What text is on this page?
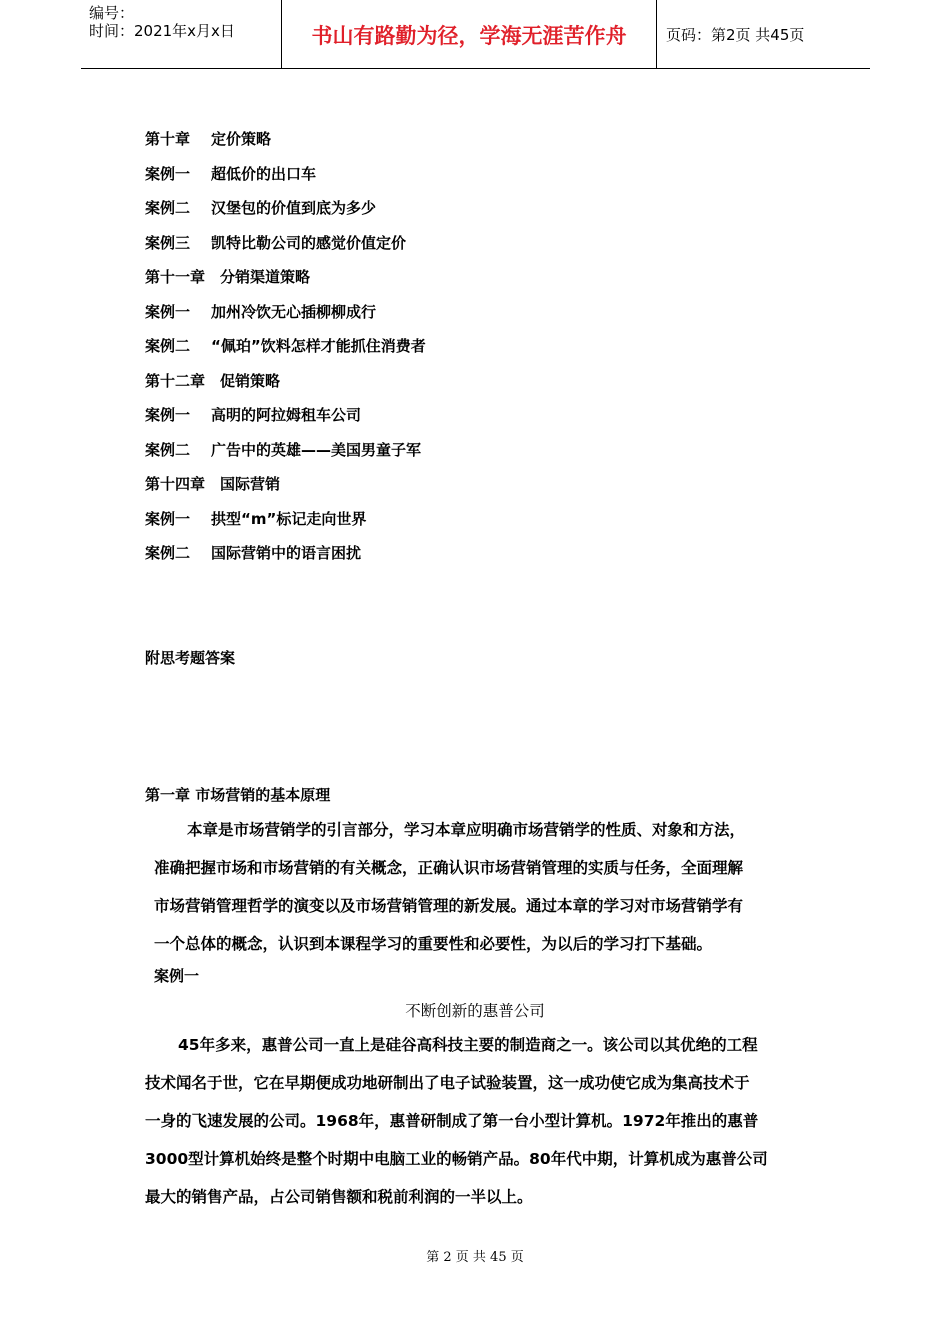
编号：
时间：2021年x月x日	书山有路勤为径，学海无涯苦作舟	页码：第2页 共45页
第十章 定价策略
案例一 超低价的出口车
案例二 汉堡包的价值到底为多少
案例三 凯特比勒公司的感觉价值定价
第十一章 分销渠道策略
案例一 加州冷饮无心插柳柳成行
案例二 “佩珀”饮料怎样才能抓住消费者
第十二章 促销策略
案例一 高明的阿拉姆租车公司
案例二 广告中的英雄——美国男童子军
第十四章 国际营销
案例一 拱型“m”标记走向世界
案例二 国际营销中的语言困扰
附思考题答案
第一章 市场营销的基本原理
本章是市场营销学的引言部分，学习本章应明确市场营销学的性质、对象和方法，
准确把握市场和市场营销的有关概念，正确认识市场营销管理的实质与任务，全面理解
市场营销管理哲学的演变以及市场营销管理的新发展。通过本章的学习对市场营销学有
一个总体的概念，认识到本课程学习的重要性和必要性，为以后的学习打下基础。
案例一
不断创新的惠普公司
45年多来，惠普公司一直上是硅谷高科技主要的制造商之一。该公司以其优绝的工程
技术闻名于世，它在早期便成功地研制出了电子试验装置，这一成功使它成为集高技术于
一身的飞速发展的公司。1968年，惠普研制成了第一台小型计算机。1972年推出的惠普
3000型计算机始终是整个时期中电脑工业的畅销产品。80年代中期，计算机成为惠普公司
最大的销售产品，占公司销售额和税前利润的一半以上。
第 2 页 共 45 页
